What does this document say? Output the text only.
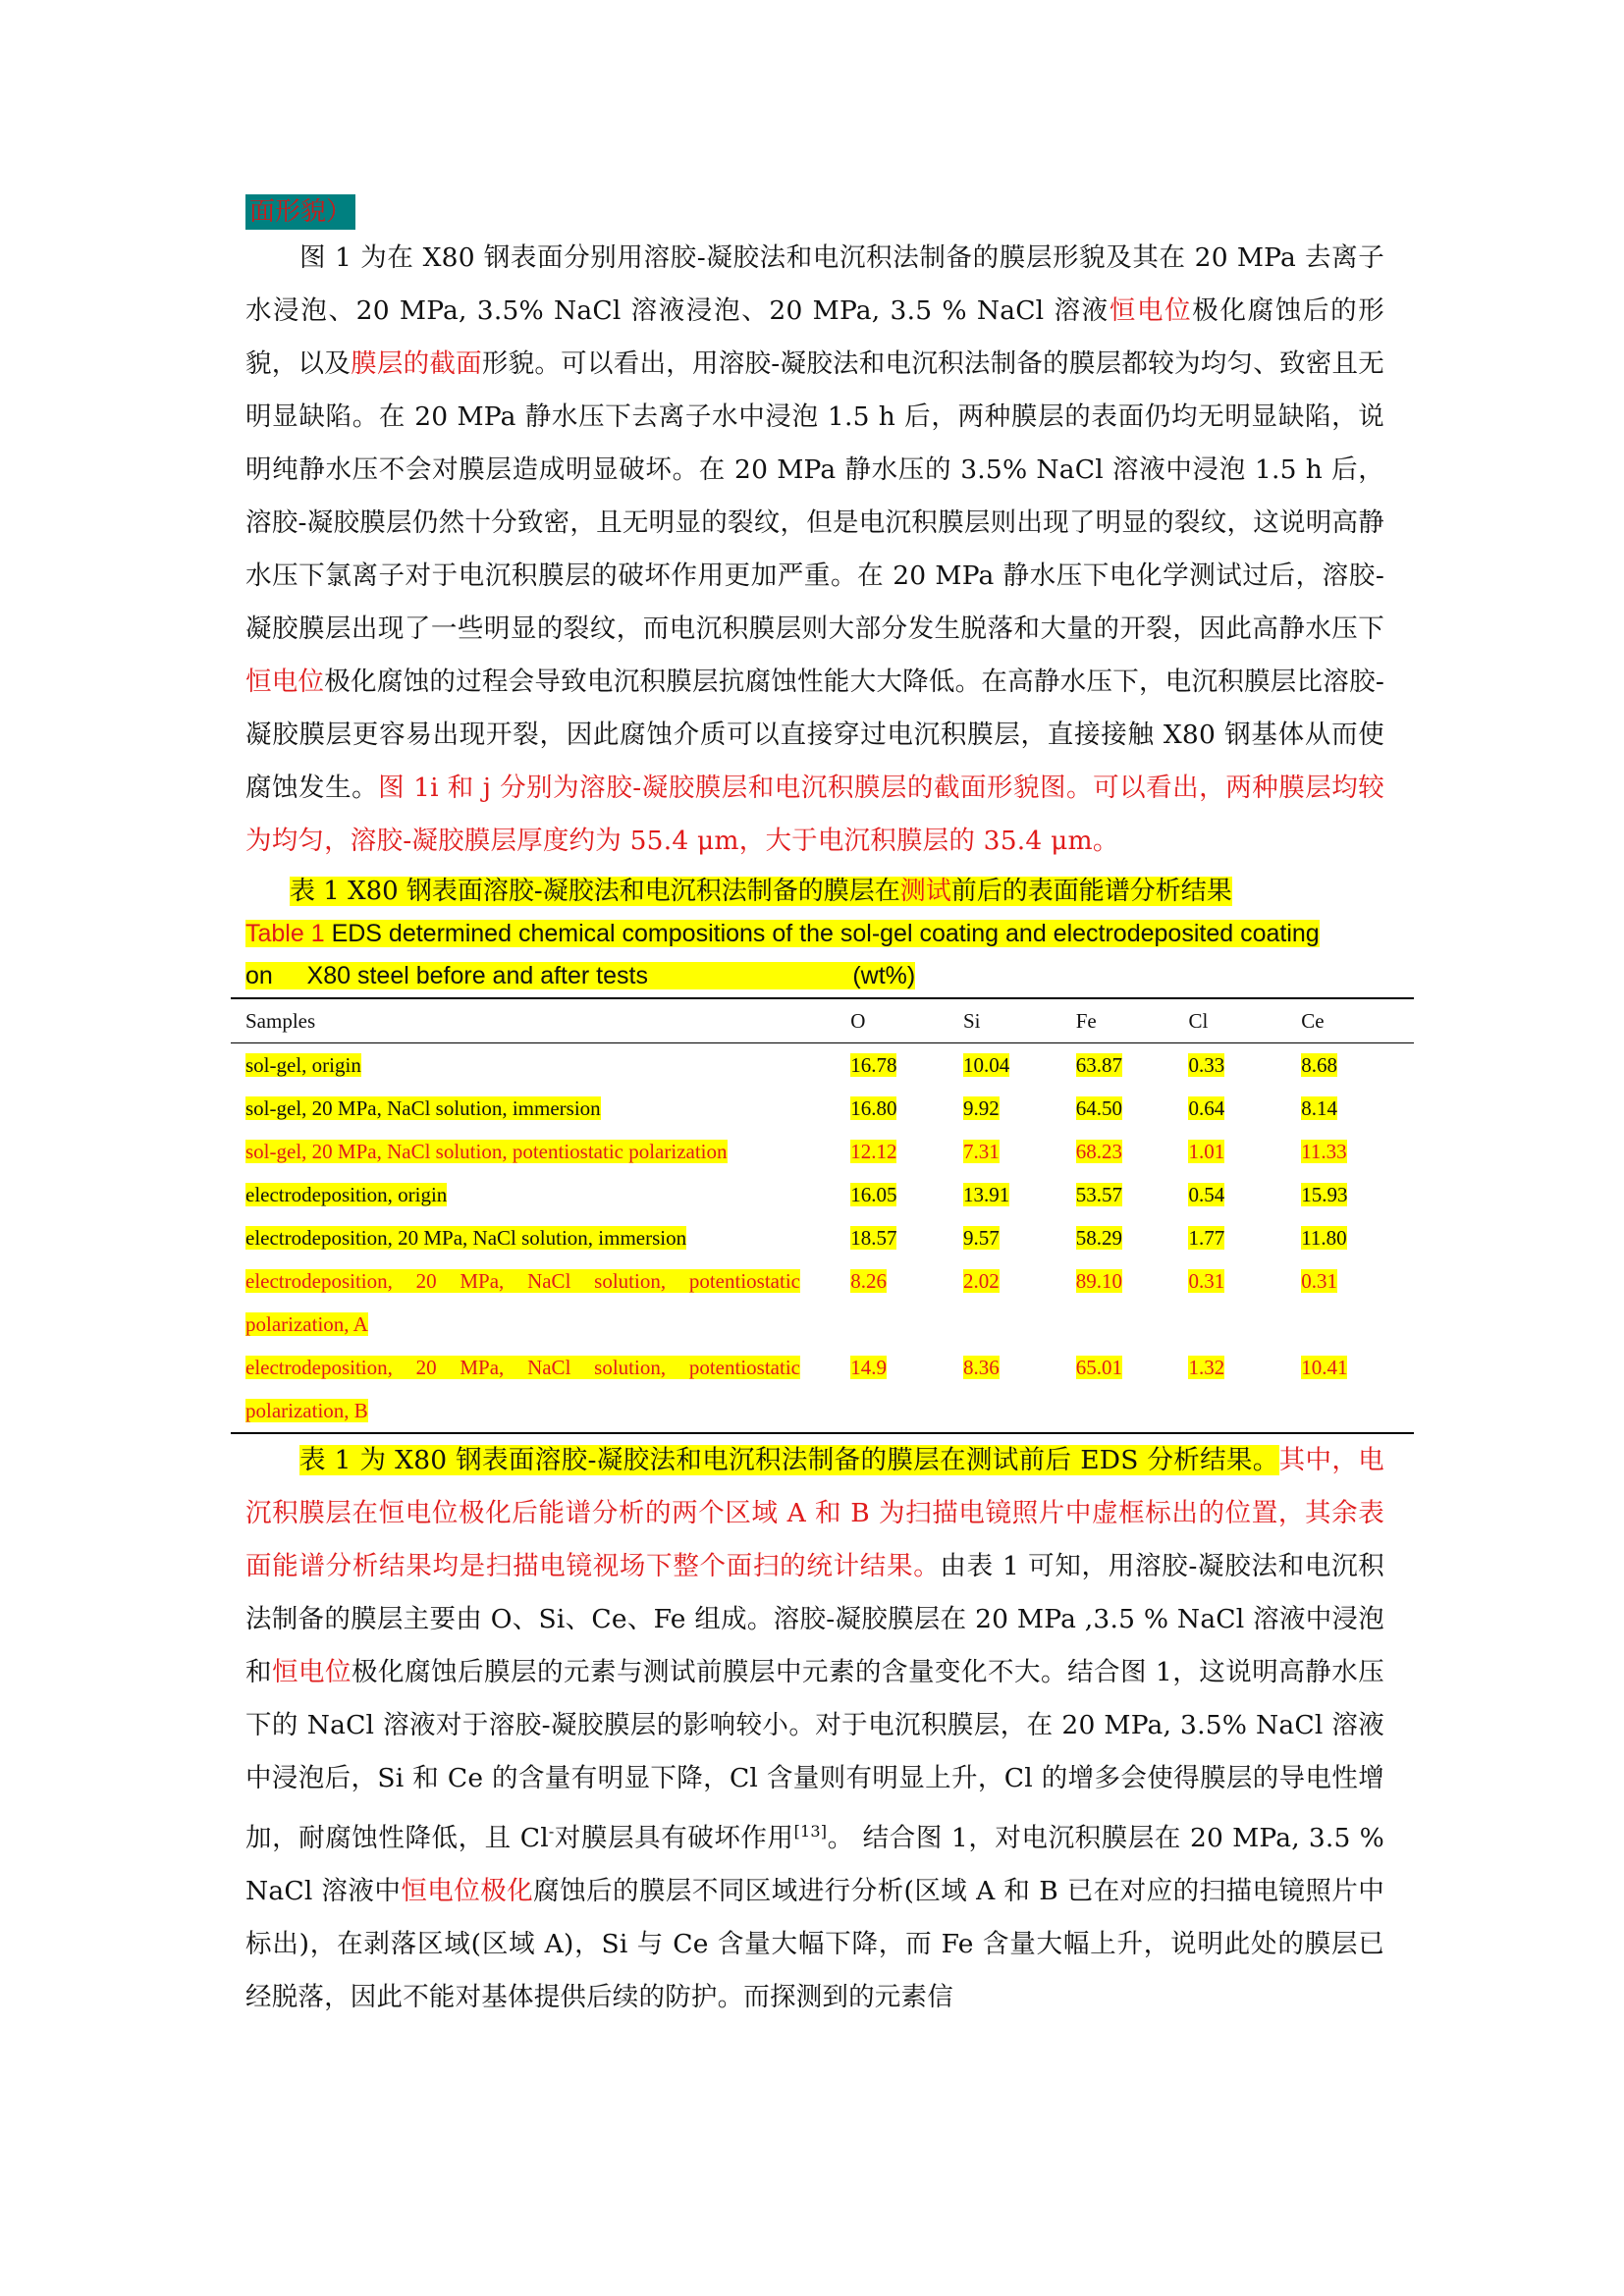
面形貌）

图 1 为在 X80 钢表面分别用溶胶-凝胶法和电沉积法制备的膜层形貌及其在 20 MPa 去离子水浸泡、20 MPa, 3.5% NaCl 溶液浸泡、20 MPa, 3.5 % NaCl 溶液恒电位极化腐蚀后的形貌，以及膜层的截面形貌。可以看出，用溶胶-凝胶法和电沉积法制备的膜层都较为均匀、致密且无明显缺陷。在 20 MPa 静水压下去离子水中浸泡 1.5 h 后，两种膜层的表面仍均无明显缺陷，说明纯静水压不会对膜层造成明显破坏。在 20 MPa 静水压的 3.5% NaCl 溶液中浸泡 1.5 h 后，溶胶-凝胶膜层仍然十分致密，且无明显的裂纹，但是电沉积膜层则出现了明显的裂纹，这说明高静水压下氯离子对于电沉积膜层的破坏作用更加严重。在 20 MPa 静水压下电化学测试过后，溶胶-凝胶膜层出现了一些明显的裂纹，而电沉积膜层则大部分发生脱落和大量的开裂，因此高静水压下恒电位极化腐蚀的过程会导致电沉积膜层抗腐蚀性能大大降低。在高静水压下，电沉积膜层比溶胶-凝胶膜层更容易出现开裂，因此腐蚀介质可以直接穿过电沉积膜层，直接接触 X80 钢基体从而使腐蚀发生。图 1i 和 j 分别为溶胶-凝胶膜层和电沉积膜层的截面形貌图。可以看出，两种膜层均较为均匀，溶胶-凝胶膜层厚度约为 55.4 μm，大于电沉积膜层的 35.4 μm。

表 1 X80 钢表面溶胶-凝胶法和电沉积法制备的膜层在测试前后的表面能谱分析结果

Table 1 EDS determined chemical compositions of the sol-gel coating and electrodeposited coating
on     X80 steel before and after tests                              (wt%)

Samples	O	Si	Fe	Cl	Ce
sol-gel, origin	16.78	10.04	63.87	0.33	8.68
sol-gel, 20 MPa, NaCl solution, immersion	16.80	9.92	64.50	0.64	8.14
sol-gel, 20 MPa, NaCl solution, potentiostatic polarization	12.12	7.31	68.23	1.01	11.33
electrodeposition, origin	16.05	13.91	53.57	0.54	15.93
electrodeposition, 20 MPa, NaCl solution, immersion	18.57	9.57	58.29	1.77	11.80

electrodeposition,   20   MPa,   NaCl   solution,   potentiostatic
polarization, A	8.26	2.02	89.10	0.31	0.31

electrodeposition,   20   MPa,   NaCl   solution,   potentiostatic
polarization, B	14.9	8.36	65.01	1.32	10.41

表 1 为 X80 钢表面溶胶-凝胶法和电沉积法制备的膜层在测试前后 EDS 分析结果。其中，电沉积膜层在恒电位极化后能谱分析的两个区域 A 和 B 为扫描电镜照片中虚框标出的位置，其余表面能谱分析结果均是扫描电镜视场下整个面扫的统计结果。由表 1 可知，用溶胶-凝胶法和电沉积法制备的膜层主要由 O、Si、Ce、Fe 组成。溶胶-凝胶膜层在 20 MPa ,3.5 % NaCl 溶液中浸泡和恒电位极化腐蚀后膜层的元素与测试前膜层中元素的含量变化不大。结合图 1，这说明高静水压下的 NaCl 溶液对于溶胶-凝胶膜层的影响较小。对于电沉积膜层，在 20 MPa, 3.5% NaCl 溶液中浸泡后，Si 和 Ce 的含量有明显下降，Cl 含量则有明显上升，Cl 的增多会使得膜层的导电性增加，耐腐蚀性降低，且 Cl-对膜层具有破坏作用[13]。 结合图 1，对电沉积膜层在 20 MPa, 3.5 % NaCl 溶液中恒电位极化腐蚀后的膜层不同区域进行分析(区域 A 和 B 已在对应的扫描电镜照片中标出)，在剥落区域(区域 A)，Si 与 Ce 含量大幅下降，而 Fe 含量大幅上升，说明此处的膜层已经脱落，因此不能对基体提供后续的防护。而探测到的元素信
